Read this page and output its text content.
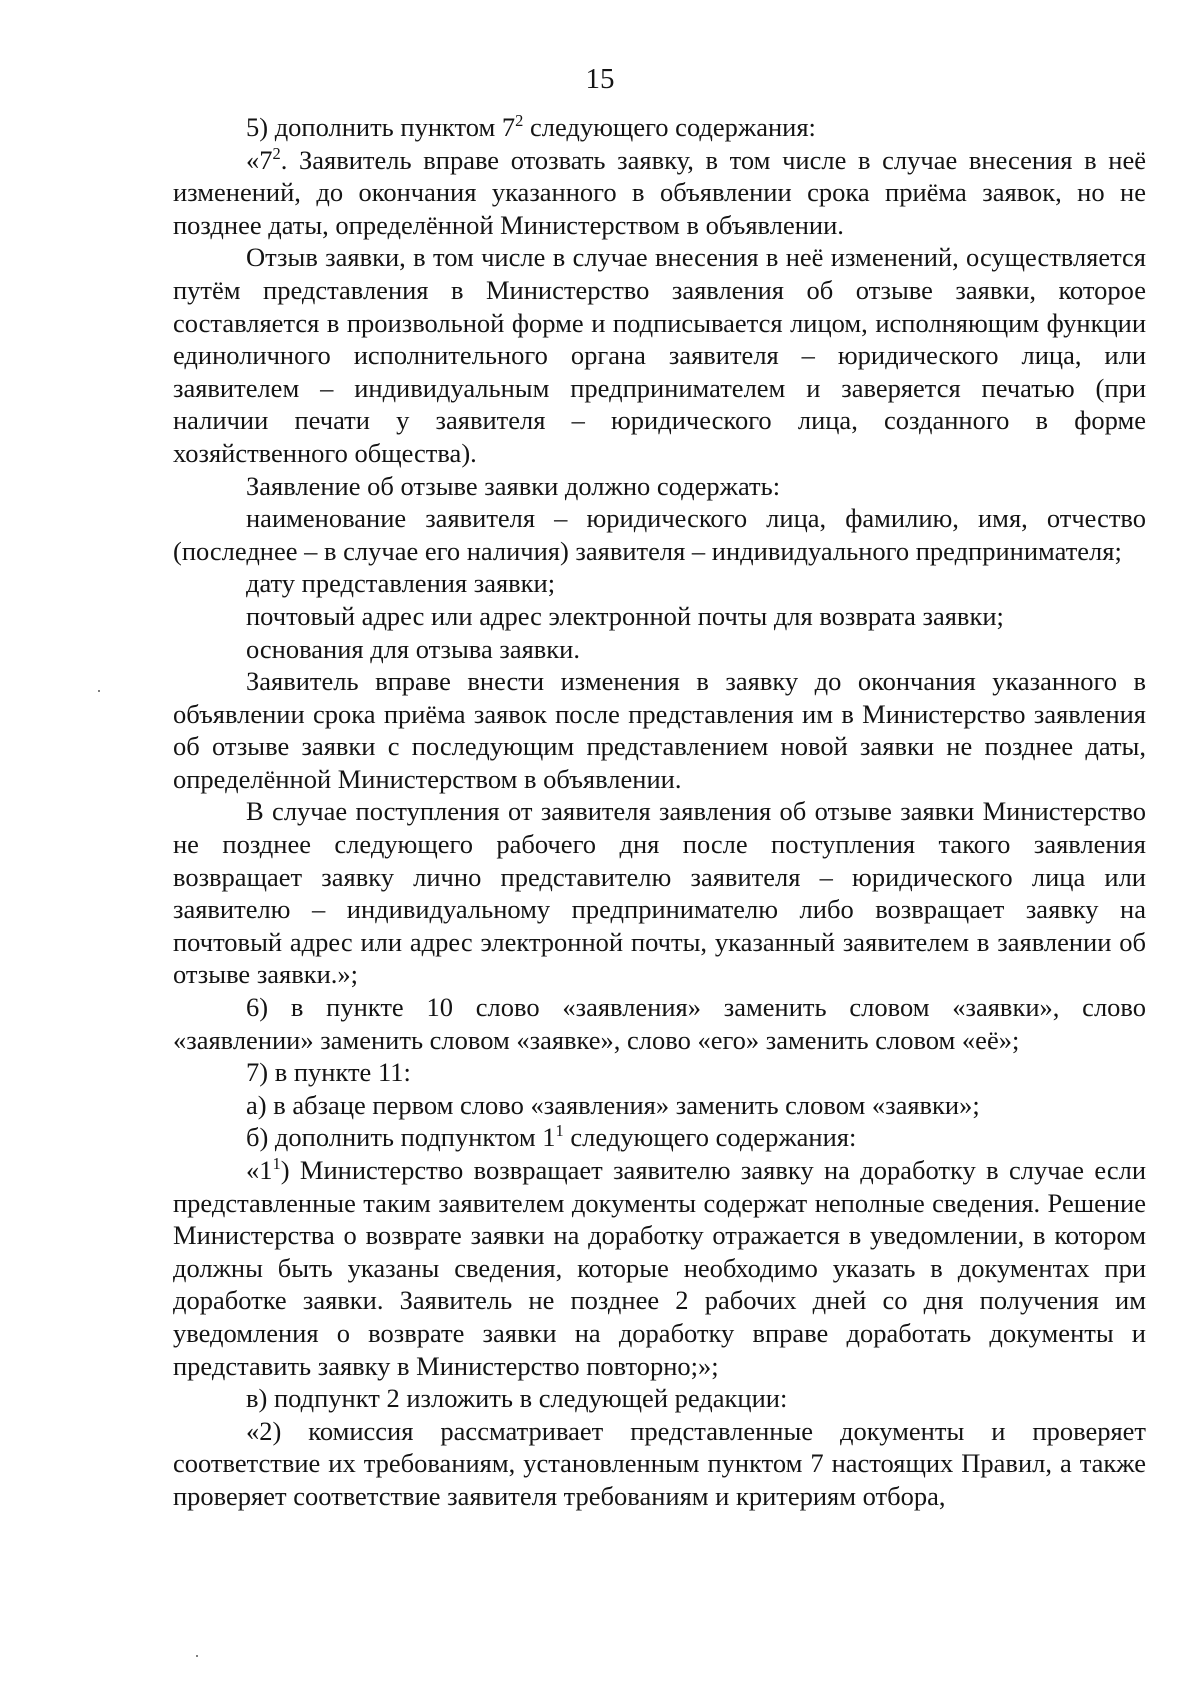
15

5) дополнить пунктом $7^2$ следующего содержания:

«$7^2$. Заявитель вправе отозвать заявку, в том числе в случае внесения в неё изменений, до окончания указанного в объявлении срока приёма заявок, но не позднее даты, определённой Министерством в объявлении.

Отзыв заявки, в том числе в случае внесения в неё изменений, осуществляется путём представления в Министерство заявления об отзыве заявки, которое составляется в произвольной форме и подписывается лицом, исполняющим функции единоличного исполнительного органа заявителя – юридического лица, или заявителем – индивидуальным предпринимателем и заверяется печатью (при наличии печати у заявителя – юридического лица, созданного в форме хозяйственного общества).

Заявление об отзыве заявки должно содержать:

наименование заявителя – юридического лица, фамилию, имя, отчество (последнее – в случае его наличия) заявителя – индивидуального предпринимателя;

дату представления заявки;

почтовый адрес или адрес электронной почты для возврата заявки;

основания для отзыва заявки.

Заявитель вправе внести изменения в заявку до окончания указанного в объявлении срока приёма заявок после представления им в Министерство заявления об отзыве заявки с последующим представлением новой заявки не позднее даты, определённой Министерством в объявлении.

В случае поступления от заявителя заявления об отзыве заявки Министерство не позднее следующего рабочего дня после поступления такого заявления возвращает заявку лично представителю заявителя – юридического лица или заявителю – индивидуальному предпринимателю либо возвращает заявку на почтовый адрес или адрес электронной почты, указанный заявителем в заявлении об отзыве заявки.»;

6) в пункте 10 слово «заявления» заменить словом «заявки», слово «заявлении» заменить словом «заявке», слово «его» заменить словом «её»;

7) в пункте 11:

а) в абзаце первом слово «заявления» заменить словом «заявки»;

б) дополнить подпунктом $1^1$ следующего содержания:

«$1^1$) Министерство возвращает заявителю заявку на доработку в случае если представленные таким заявителем документы содержат неполные сведения. Решение Министерства о возврате заявки на доработку отражается в уведомлении, в котором должны быть указаны сведения, которые необходимо указать в документах при доработке заявки. Заявитель не позднее 2 рабочих дней со дня получения им уведомления о возврате заявки на доработку вправе доработать документы и представить заявку в Министерство повторно;»;

в) подпункт 2 изложить в следующей редакции:

«2) комиссия рассматривает представленные документы и проверяет соответствие их требованиям, установленным пунктом 7 настоящих Правил, а также проверяет соответствие заявителя требованиям и критериям отбора,
